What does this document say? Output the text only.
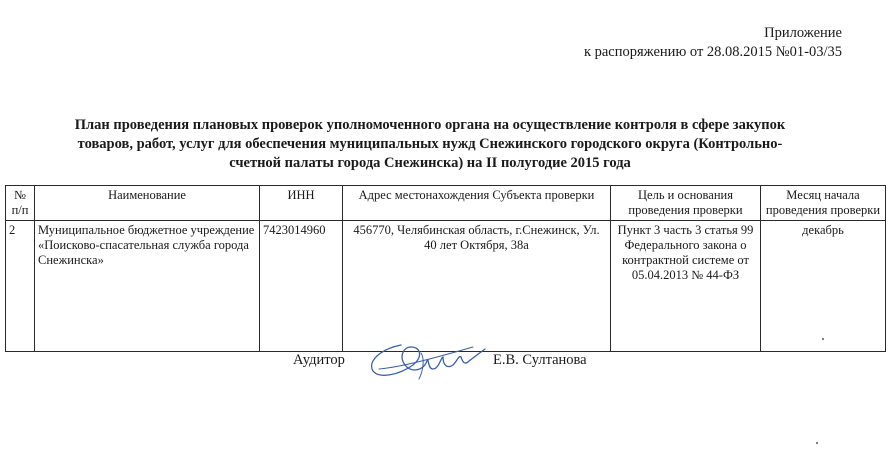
Приложение
к распоряжению от 28.08.2015 №01-03/35
План проведения плановых проверок уполномоченного органа на осуществление контроля в сфере закупок
товаров, работ, услуг для обеспечения муниципальных нужд Снежинского городского округа (Контрольно-
счетной палаты города Снежинска) на II полугодие 2015 года
№ п/п	Наименование	ИНН	Адрес местонахождения Субъекта проверки	Цель и основания проведения проверки	Месяц начала проведения проверки
2	Муниципальное бюджетное учреждение «Поисково-спасательная служба города Снежинска»	7423014960	456770, Челябинская область, г.Снежинск, Ул. 40 лет Октября, 38а	Пункт 3 часть 3 статья 99 Федерального закона о контрактной системе от 05.04.2013 № 44-ФЗ	декабрь
Аудитор	Е.В. Султанова
